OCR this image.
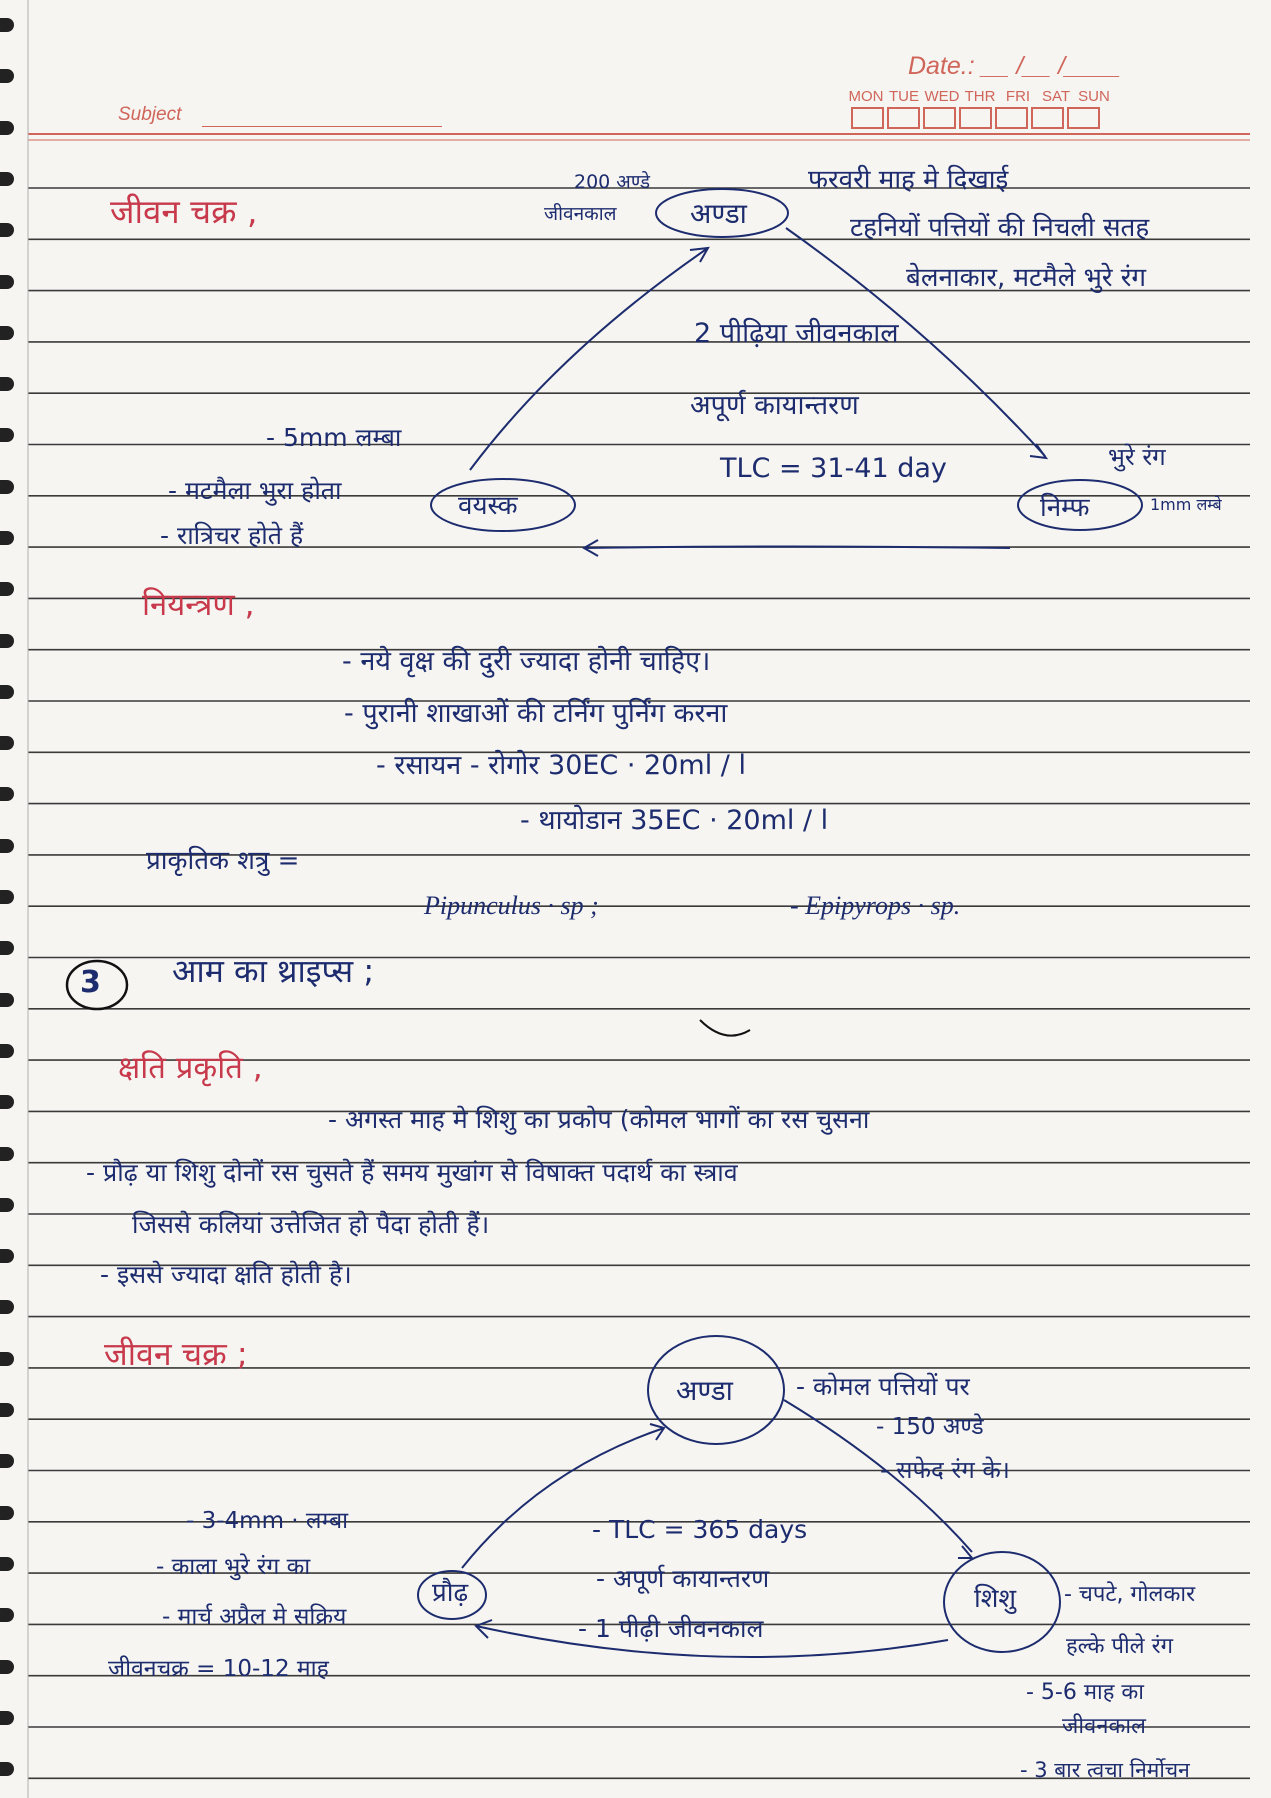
Subject
Date.: __ /__ /____
MON TUE WED THR FRI SAT SUN
जीवन चक्र ,
200 अण्डे
जीवनकाल	अण्डा
फरवरी माह मे दिखाई
टहनियों पत्तियों की निचली सतह
बेलनाकार, मटमैले भुरे रंग
2 पीढ़िया जीवनकाल
अपूर्ण कायान्तरण
TLC = 31-41 day	भुरे रंग
1mm लम्बे
निम्फ
- 5mm लम्बा
- मटमैला भुरा होता
- रात्रिचर होते हैं
वयस्क
नियन्त्रण ,
- नये वृक्ष की दुरी ज्यादा होनी चाहिए।
- पुरानी शाखाओं की टर्निंग पुर्निंग करना
- रसायन - रोगोर 30EC · 20ml / l
- थायोडान 35EC · 20ml / l
प्राकृतिक शत्रु =
Pipunculus · sp ;	- Epipyrops · sp.
3 आम का थ्राइप्स ;
क्षति प्रकृति ,
- अगस्त माह मे शिशु का प्रकोप (कोमल भागों का रस चुसना
- प्रौढ़ या शिशु दोनों रस चुसते हैं समय मुखांग से विषाक्त पदार्थ का स्त्राव
जिससे कलियां उत्तेजित हो पैदा होती हैं।
- इससे ज्यादा क्षति होती है।
जीवन चक्र ;
अण्डा	- कोमल पत्तियों पर
- 150 अण्डे
- सफेद रंग के।
- TLC = 365 days
- अपूर्ण कायान्तरण
- 1 पीढ़ी जीवनकाल
- 3-4mm · लम्बा
- काला भुरे रंग का
- मार्च अप्रैल मे सक्रिय
प्रौढ़	शिशु - चपटे, गोलकार
हल्के पीले रंग
- 5-6 माह का
जीवनकाल
- 3 बार त्वचा निर्मोचन
जीवनचक्र = 10-12 माह
